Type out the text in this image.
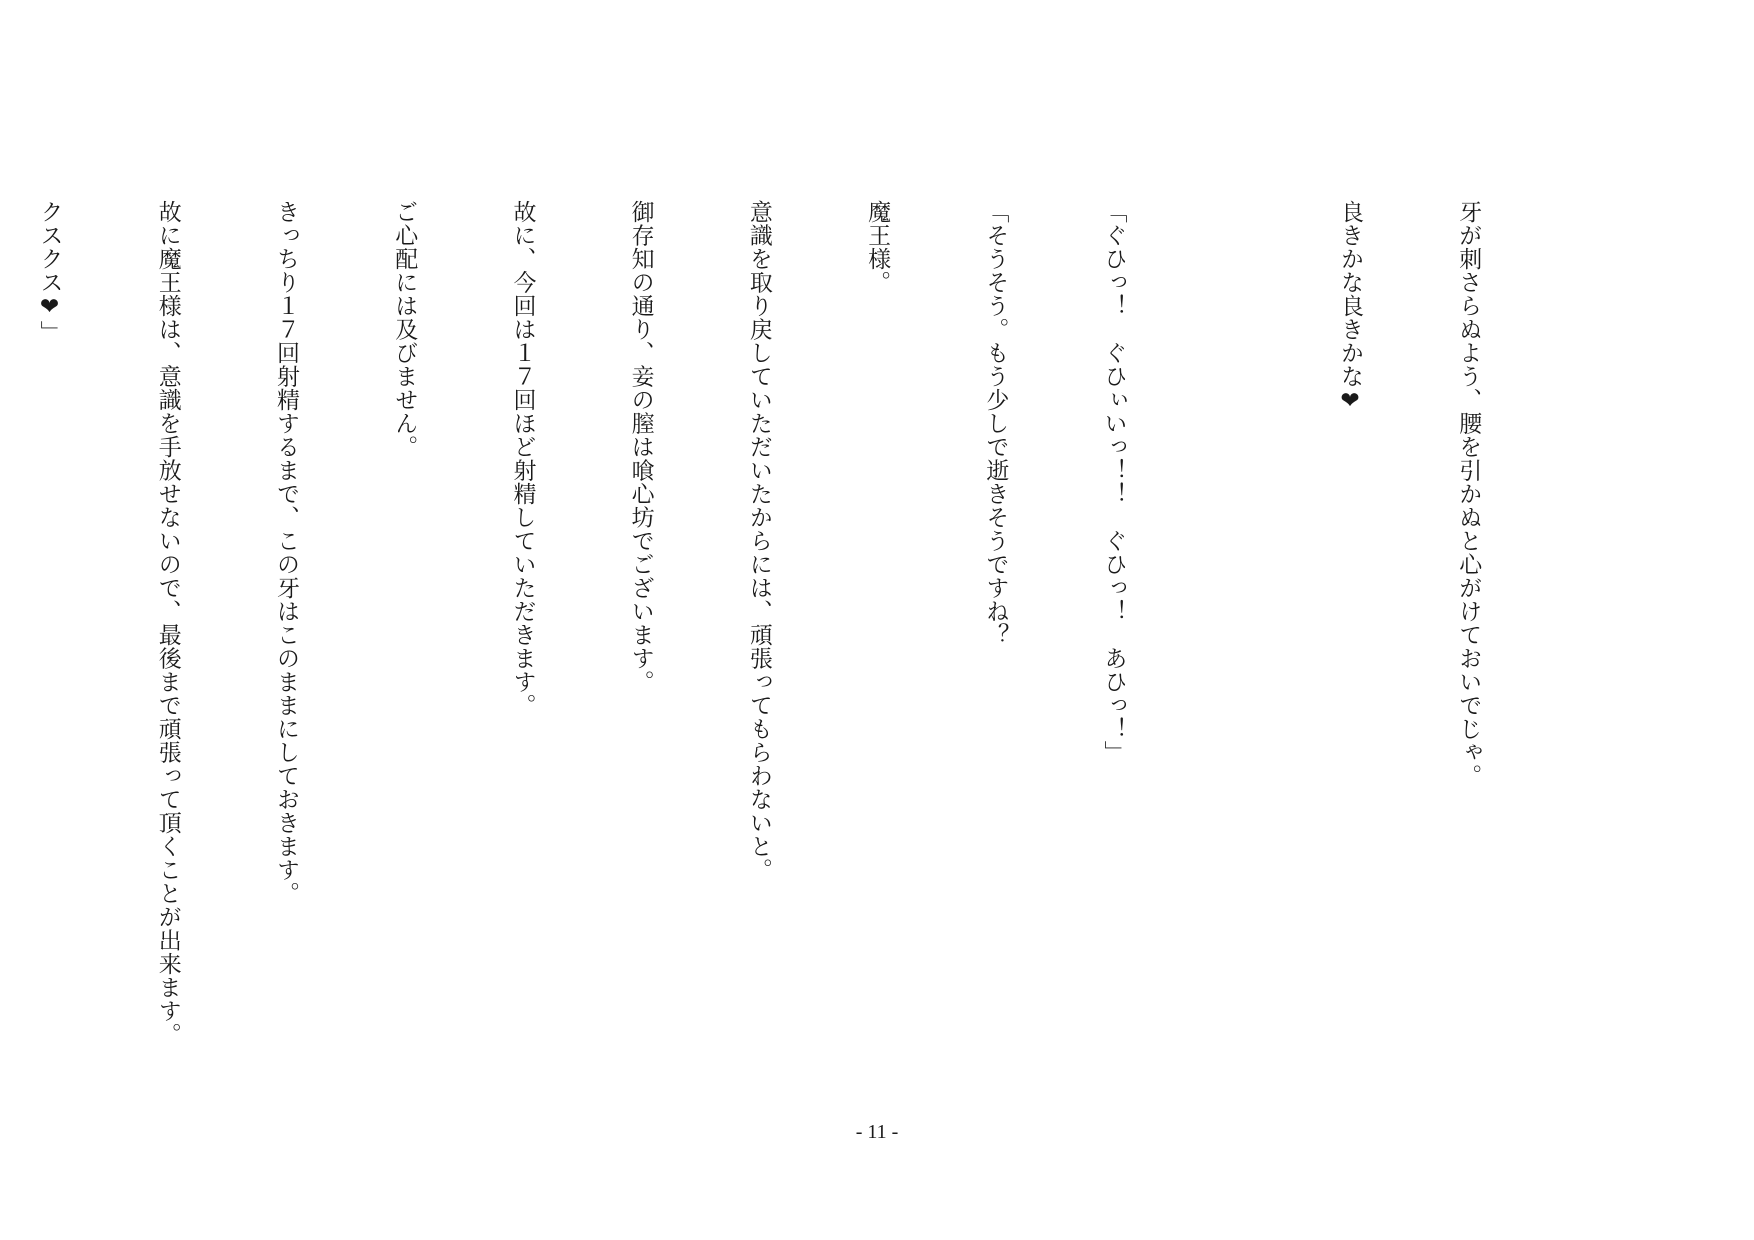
牙が刺さらぬよう、腰を引かぬと心がけておいでじゃ。

良きかな良きかな❤

「ぐひっ！　ぐひぃいっ！！　ぐひっ！　あひっ！」

「そうそう。もう少しで逝きそうですね？

魔王様。

意識を取り戻していただいたからには、頑張ってもらわないと。

御存知の通り、妾の膣は喰心坊でございます。

故に、今回は１７回ほど射精していただきます。

ご心配には及びません。

きっちり１７回射精するまで、この牙はこのままにしておきます。

故に魔王様は、意識を手放せないので、最後まで頑張って頂くことが出来ます。

クスクス❤」

- 11 -
